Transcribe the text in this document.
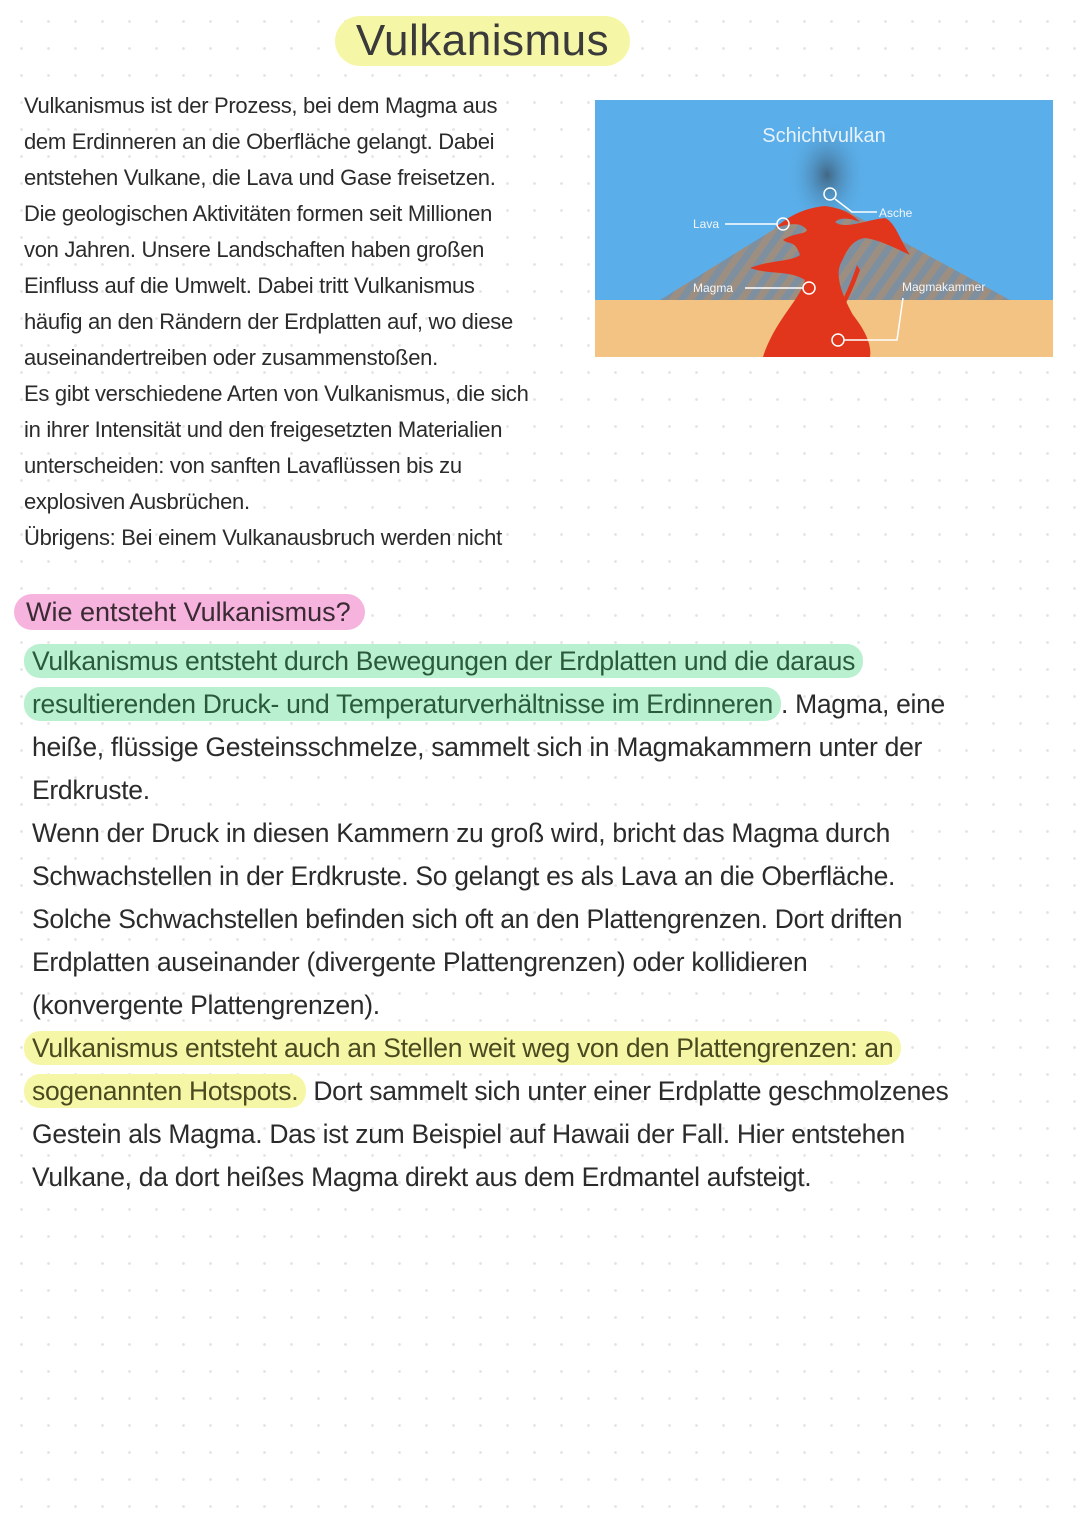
Vulkanismus
Vulkanismus ist der Prozess, bei dem Magma aus
dem Erdinneren an die Oberfläche gelangt. Dabei
entstehen Vulkane, die Lava und Gase freisetzen.
Die geologischen Aktivitäten formen seit Millionen
von Jahren. Unsere Landschaften haben großen
Einfluss auf die Umwelt. Dabei tritt Vulkanismus
häufig an den Rändern der Erdplatten auf, wo diese
auseinandertreiben oder zusammenstoßen.
Es gibt verschiedene Arten von Vulkanismus, die sich
in ihrer Intensität und den freigesetzten Materialien
unterscheiden: von sanften Lavaflüssen bis zu
explosiven Ausbrüchen.
Übrigens: Bei einem Vulkanausbruch werden nicht
Schichtvulkan
Asche
Lava
Magma	Magmakammer
Wie entsteht Vulkanismus?
Vulkanismus entsteht durch Bewegungen der Erdplatten und die daraus
resultierenden Druck- und Temperaturverhältnisse im Erdinneren . Magma, eine
heiße, flüssige Gesteinsschmelze, sammelt sich in Magmakammern unter der
Erdkruste.
Wenn der Druck in diesen Kammern zu groß wird, bricht das Magma durch
Schwachstellen in der Erdkruste. So gelangt es als Lava an die Oberfläche.
Solche Schwachstellen befinden sich oft an den Plattengrenzen. Dort driften
Erdplatten auseinander (divergente Plattengrenzen) oder kollidieren
(konvergente Plattengrenzen).
Vulkanismus entsteht auch an Stellen weit weg von den Plattengrenzen: an
sogenannten Hotspots. Dort sammelt sich unter einer Erdplatte geschmolzenes
Gestein als Magma. Das ist zum Beispiel auf Hawaii der Fall. Hier entstehen
Vulkane, da dort heißes Magma direkt aus dem Erdmantel aufsteigt.
